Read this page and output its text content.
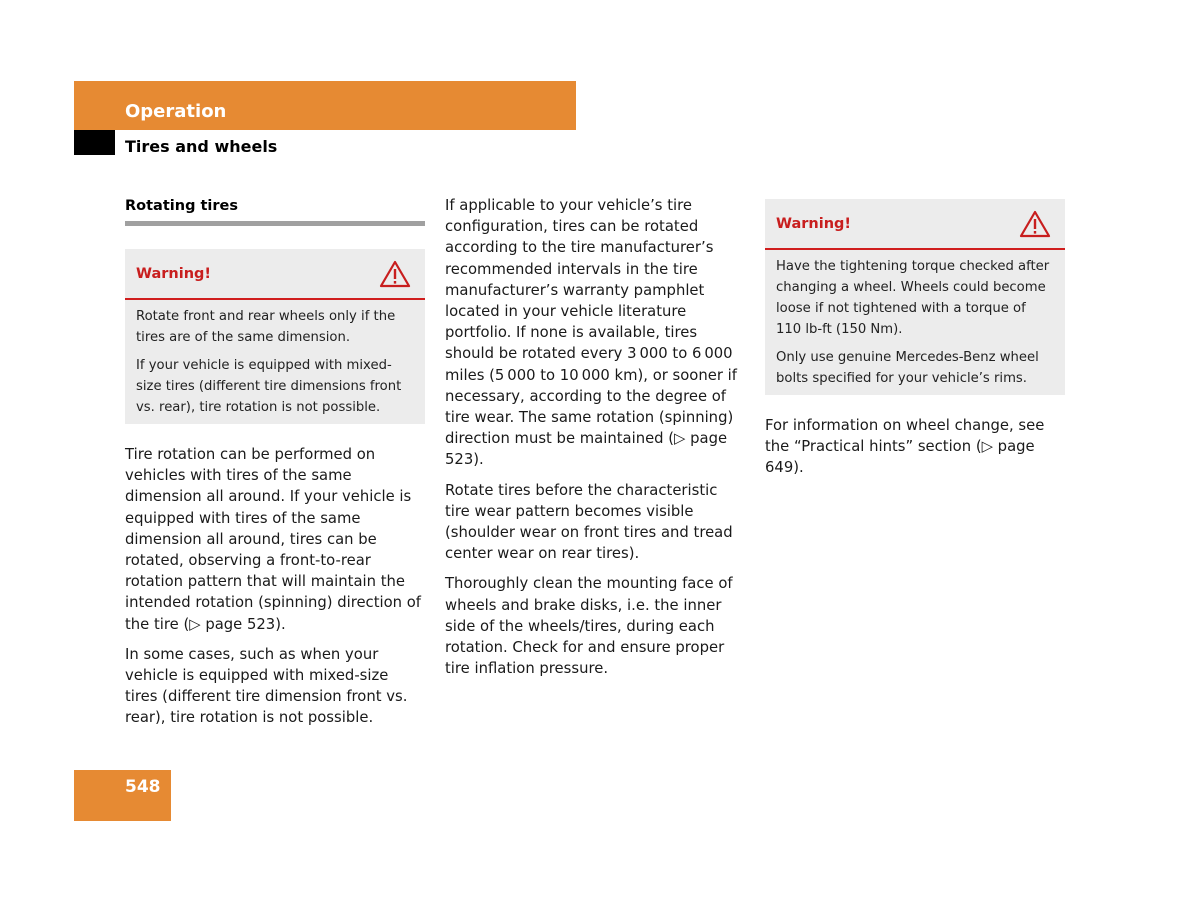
Operation
Tires and wheels
Rotating tires
Warning!

Rotate front and rear wheels only if the tires are of the same dimension.

If your vehicle is equipped with mixed-size tires (different tire dimensions front vs. rear), tire rotation is not possible.

Tire rotation can be performed on vehicles with tires of the same dimension all around. If your vehicle is equipped with tires of the same dimension all around, tires can be rotated, observing a front-to-rear rotation pattern that will maintain the intended rotation (spinning) direction of the tire (▷ page 523).

In some cases, such as when your vehicle is equipped with mixed-size tires (different tire dimension front vs. rear), tire rotation is not possible.

If applicable to your vehicle’s tire configuration, tires can be rotated according to the tire manufacturer’s recommended intervals in the tire manufacturer’s warranty pamphlet located in your vehicle literature portfolio. If none is available, tires should be rotated every 3 000 to 6 000 miles (5 000 to 10 000 km), or sooner if necessary, according to the degree of tire wear. The same rotation (spinning) direction must be maintained (▷ page 523).

Rotate tires before the characteristic tire wear pattern becomes visible (shoulder wear on front tires and tread center wear on rear tires).

Thoroughly clean the mounting face of wheels and brake disks, i.e. the inner side of the wheels/tires, during each rotation. Check for and ensure proper tire inflation pressure.

Warning!

Have the tightening torque checked after changing a wheel. Wheels could become loose if not tightened with a torque of 110 lb-ft (150 Nm).

Only use genuine Mercedes-Benz wheel bolts specified for your vehicle’s rims.

For information on wheel change, see the “Practical hints” section (▷ page 649).

548
